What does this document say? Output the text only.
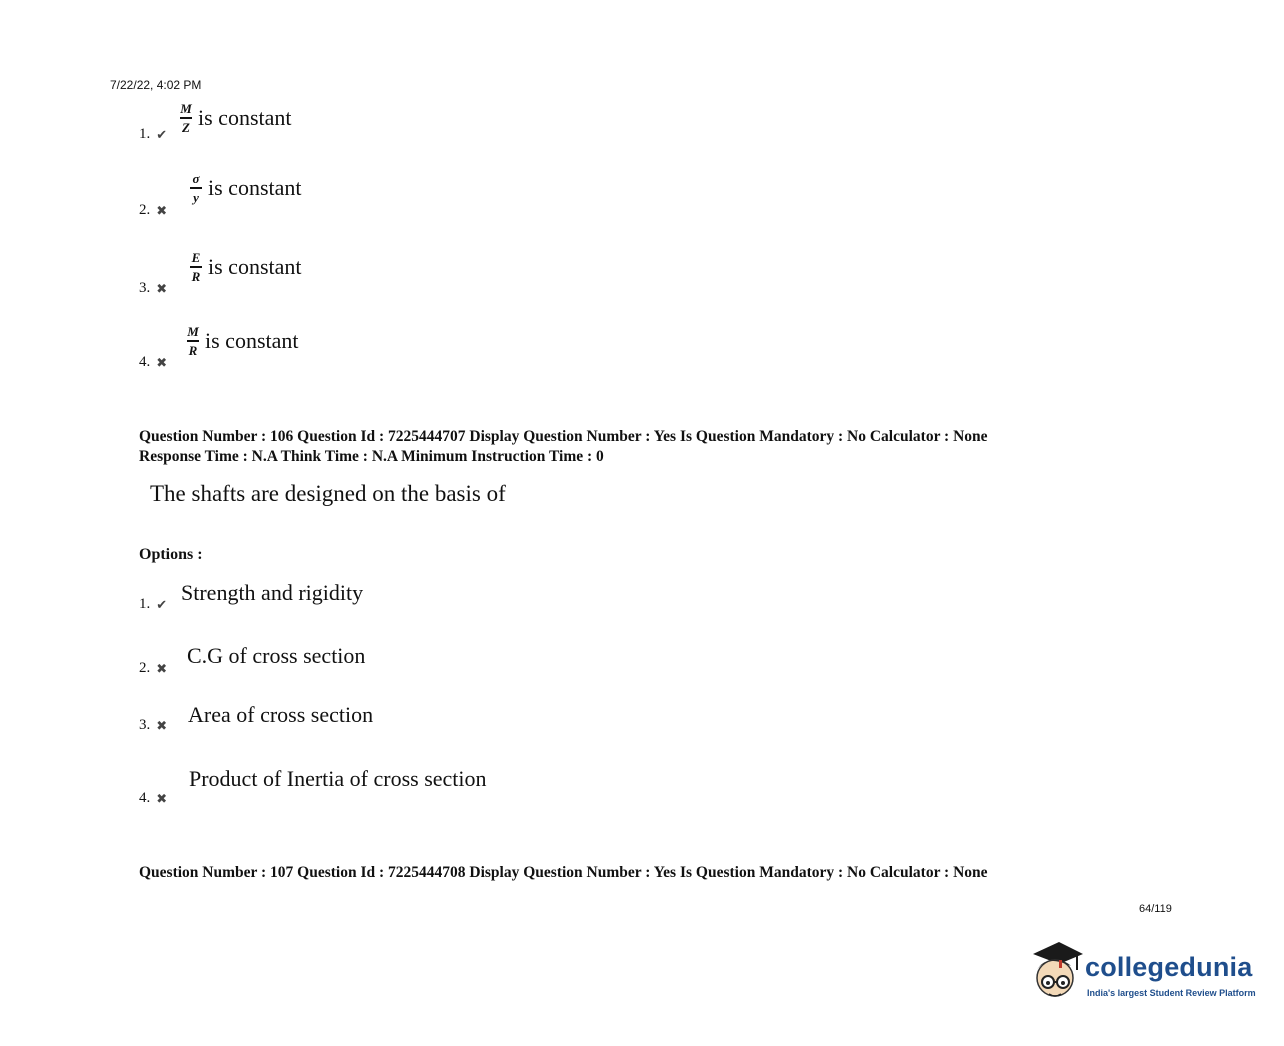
7/22/22, 4:02 PM
1. ✔ $\frac{M}{Z}$ is constant
2. ✖
$\frac{\sigma}{y}$ is constant
3. ✖
$\frac{E}{R}$ is constant
4. ✖
$\frac{M}{R}$ is constant
Question Number : 106 Question Id : 7225444707 Display Question Number : Yes Is Question Mandatory : No Calculator : None
Response Time : N.A Think Time : N.A Minimum Instruction Time : 0
The shafts are designed on the basis of
Options :
1. ✔ Strength and rigidity
2. ✖ C.G of cross section
3. ✖ Area of cross section
4. ✖
Product of Inertia of cross section
Question Number : 107 Question Id : 7225444708 Display Question Number : Yes Is Question Mandatory : No Calculator : None
64/119
collegedunia
India's largest Student Review Platform
